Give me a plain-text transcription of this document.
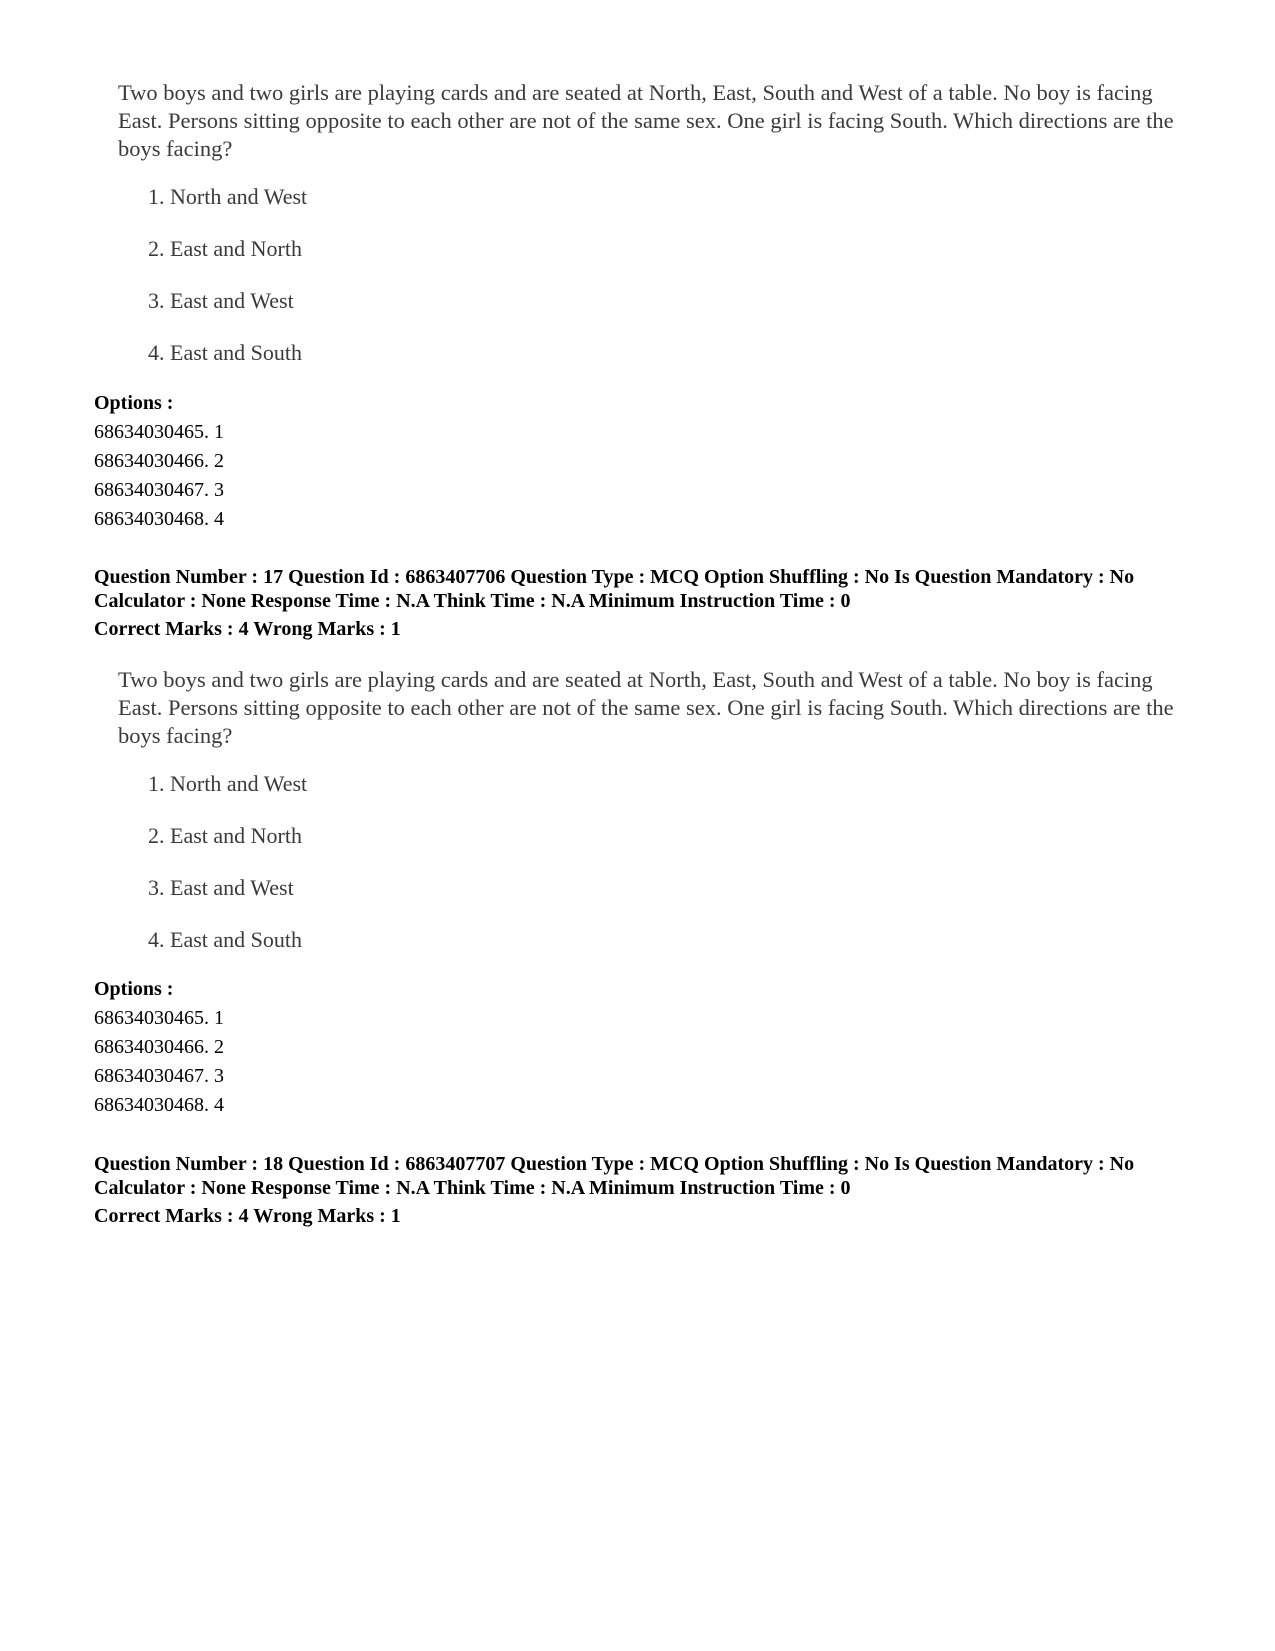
Two boys and two girls are playing cards and are seated at North, East, South and West of a table. No boy is facing East. Persons sitting opposite to each other are not of the same sex. One girl is facing South. Which directions are the boys facing?

1. North and West

2. East and North

3. East and West

4. East and South

Options :
68634030465. 1
68634030466. 2
68634030467. 3
68634030468. 4
Question Number : 17 Question Id : 6863407706 Question Type : MCQ Option Shuffling : No Is Question Mandatory : No Calculator : None Response Time : N.A Think Time : N.A Minimum Instruction Time : 0
Correct Marks : 4 Wrong Marks : 1

Two boys and two girls are playing cards and are seated at North, East, South and West of a table. No boy is facing East. Persons sitting opposite to each other are not of the same sex. One girl is facing South. Which directions are the boys facing?

1. North and West

2. East and North

3. East and West

4. East and South

Options :
68634030465. 1
68634030466. 2
68634030467. 3
68634030468. 4
Question Number : 18 Question Id : 6863407707 Question Type : MCQ Option Shuffling : No Is Question Mandatory : No Calculator : None Response Time : N.A Think Time : N.A Minimum Instruction Time : 0
Correct Marks : 4 Wrong Marks : 1
